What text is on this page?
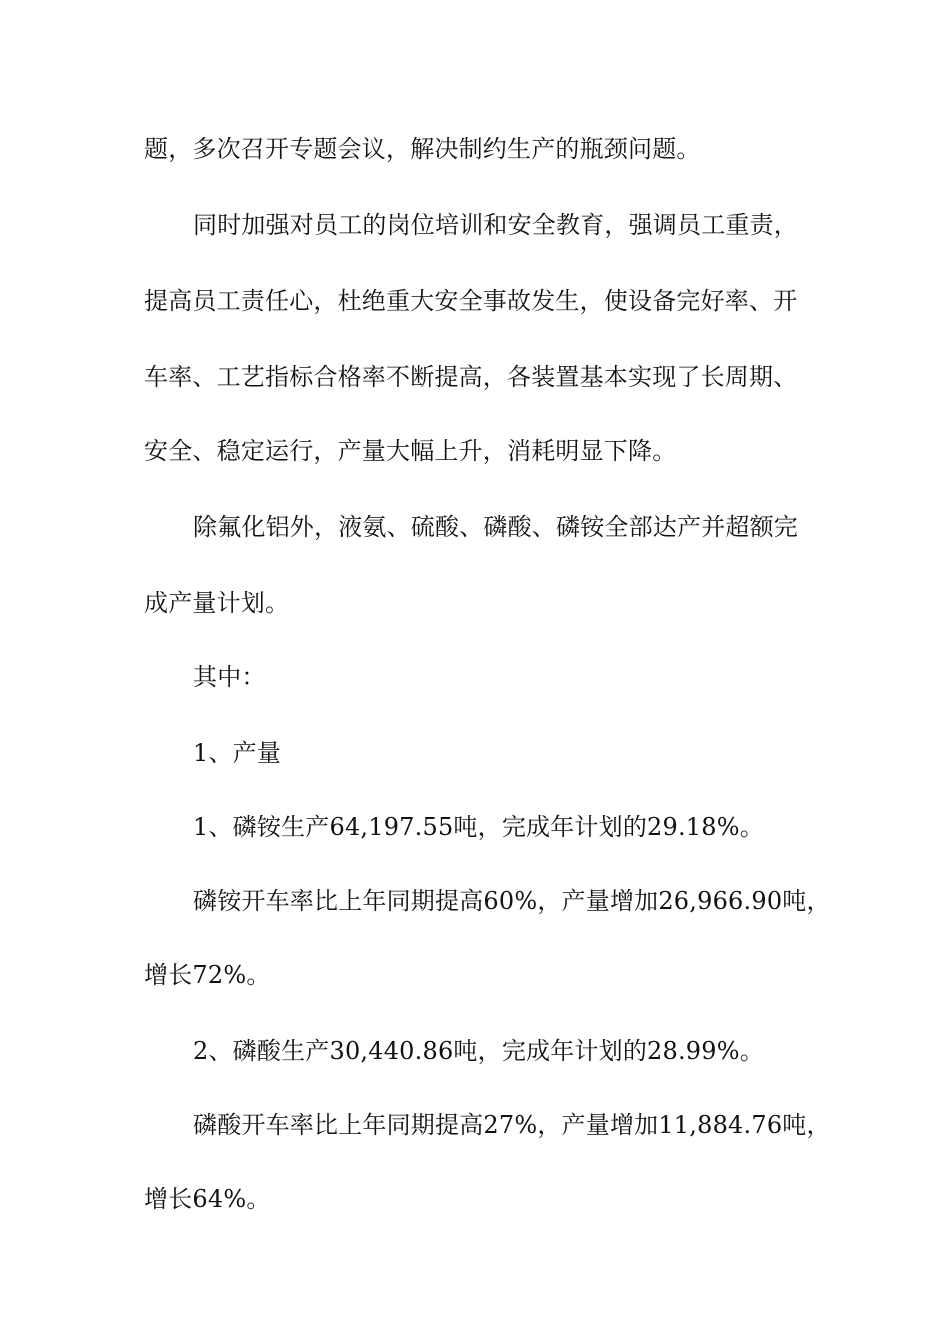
题，多次召开专题会议，解决制约生产的瓶颈问题。
同时加强对员工的岗位培训和安全教育，强调员工重责，
提高员工责任心，杜绝重大安全事故发生，使设备完好率、开
车率、工艺指标合格率不断提高，各装置基本实现了长周期、
安全、稳定运行，产量大幅上升，消耗明显下降。
除氟化铝外，液氨、硫酸、磷酸、磷铵全部达产并超额完
成产量计划。
其中：
1、产量
1、磷铵生产64,197.55吨，完成年计划的29.18%。
磷铵开车率比上年同期提高60%，产量增加26,966.90吨，
增长72%。
2、磷酸生产30,440.86吨，完成年计划的28.99%。
磷酸开车率比上年同期提高27%，产量增加11,884.76吨，
增长64%。
